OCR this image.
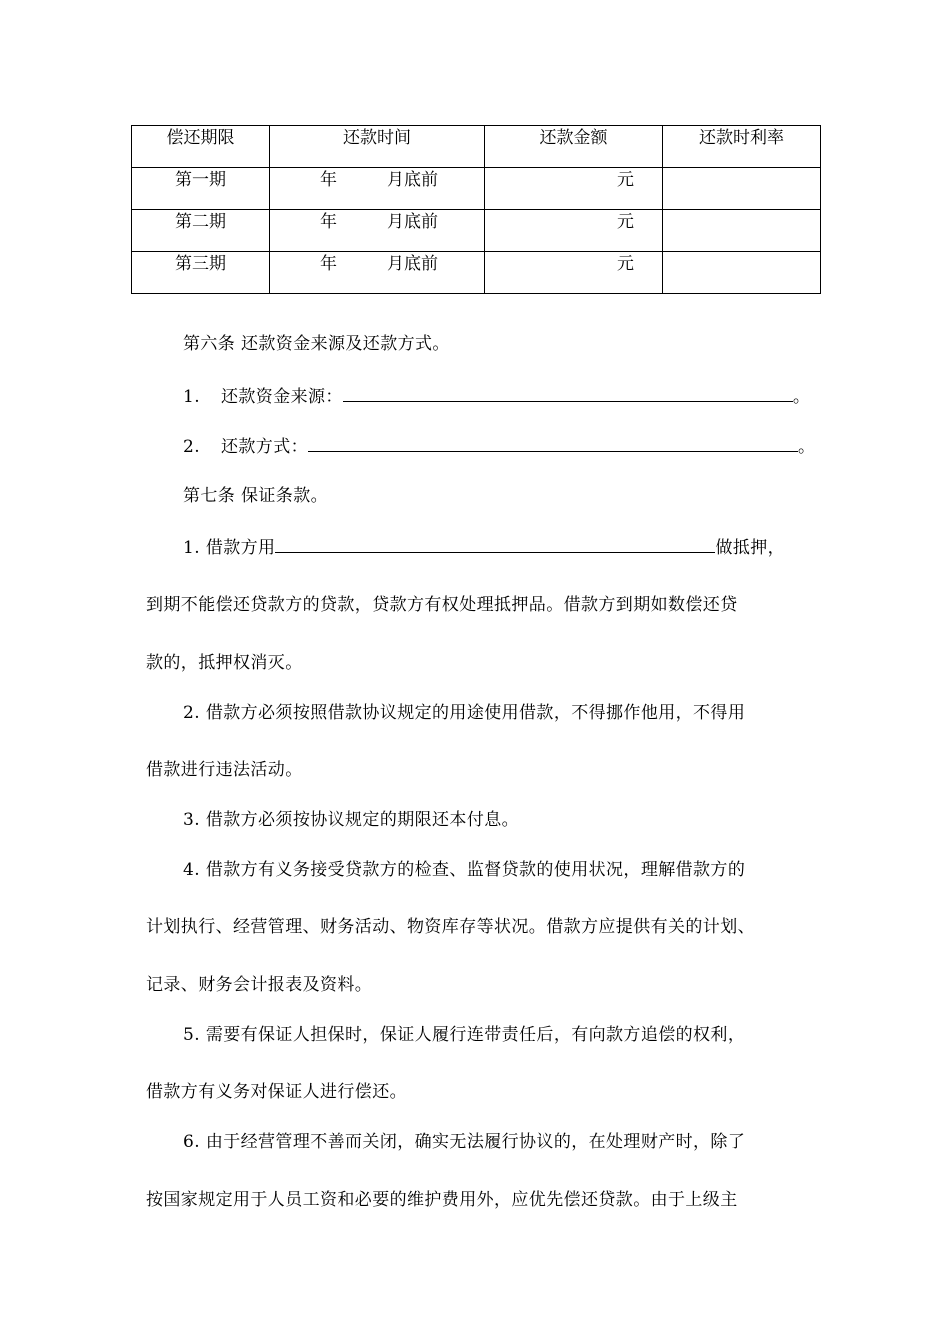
偿还期限	还款时间	还款金额	还款时利率

第一期	年 月底前	元	

第二期	年 月底前	元	

第三期	年 月底前	元	

第六条 还款资金来源及还款方式。
1. 还款资金来源：	。
2. 还款方式：	。
第七条 保证条款。
1. 借款方用	做抵押，
到期不能偿还贷款方的贷款，贷款方有权处理抵押品。借款方到期如数偿还贷
款的，抵押权消灭。
2. 借款方必须按照借款协议规定的用途使用借款，不得挪作他用，不得用
借款进行违法活动。
3. 借款方必须按协议规定的期限还本付息。
4. 借款方有义务接受贷款方的检查、监督贷款的使用状况，理解借款方的
计划执行、经营管理、财务活动、物资库存等状况。借款方应提供有关的计划、
记录、财务会计报表及资料。
5. 需要有保证人担保时，保证人履行连带责任后，有向款方追偿的权利，
借款方有义务对保证人进行偿还。
6. 由于经营管理不善而关闭，确实无法履行协议的，在处理财产时，除了
按国家规定用于人员工资和必要的维护费用外，应优先偿还贷款。由于上级主
